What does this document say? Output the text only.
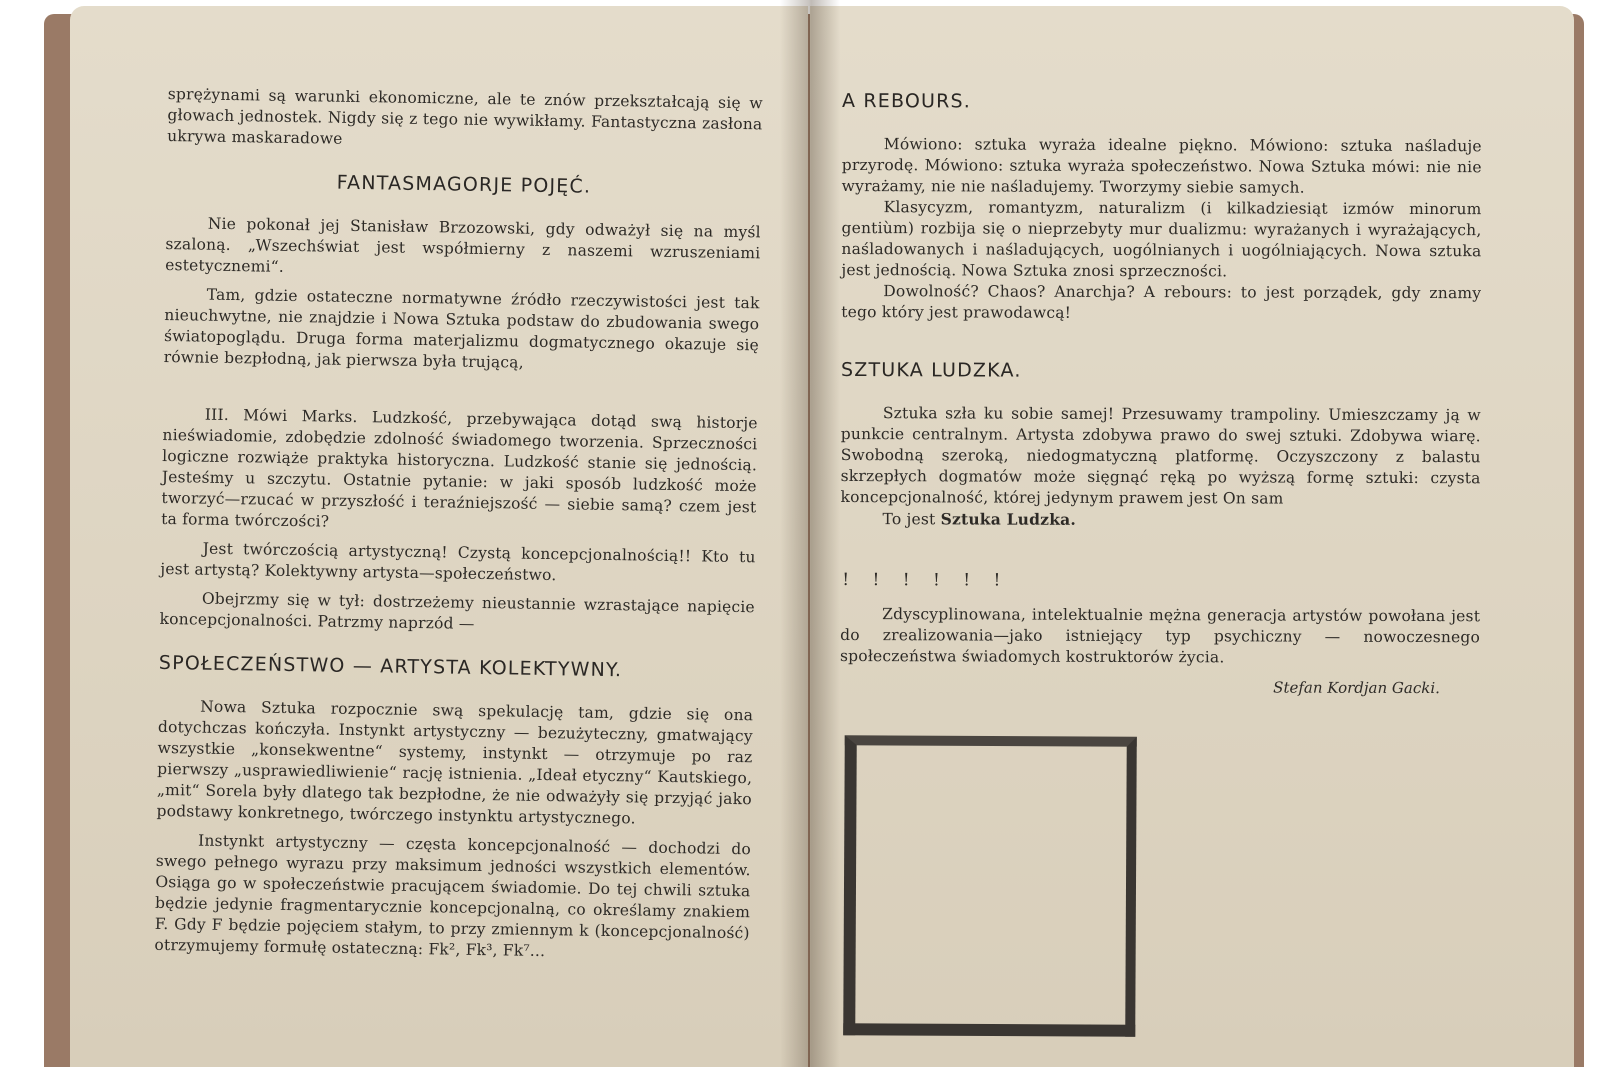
sprężynami są warunki ekonomiczne, ale te znów przekształcają się w głowach jednostek. Nigdy się z tego nie wywikłamy. Fantastyczna zasłona ukrywa maskaradowe

FANTASMAGORJE POJĘĆ.

Nie pokonał jej Stanisław Brzozowski, gdy odważył się na myśl szaloną. „Wszechświat jest współmierny z naszemi wzruszeniami estetycznemi“.

Tam, gdzie ostateczne normatywne źródło rzeczywistości jest tak nieuchwytne, nie znajdzie i Nowa Sztuka podstaw do zbudowania swego światopoglądu. Druga forma materjalizmu dogmatycznego okazuje się równie bezpłodną, jak pierwsza była trującą,

III. Mówi Marks. Ludzkość, przebywająca dotąd swą historje nieświadomie, zdobędzie zdolność świadomego tworzenia. Sprzeczności logiczne rozwiąże praktyka historyczna. Ludzkość stanie się jednością. Jesteśmy u szczytu. Ostatnie pytanie: w jaki sposób ludzkość może tworzyć—rzucać w przyszłość i teraźniejszość — siebie samą? czem jest ta forma twórczości?

Jest twórczością artystyczną! Czystą koncepcjonalnością!! Kto tu jest artystą? Kolektywny artysta—społeczeństwo.

Obejrzmy się w tył: dostrzeżemy nieustannie wzrastające napięcie koncepcjonalności. Patrzmy naprzód —

SPOŁECZEŃSTWO — ARTYSTA KOLEKTYWNY.

Nowa Sztuka rozpocznie swą spekulację tam, gdzie się ona dotychczas kończyła. Instynkt artystyczny — bezużyteczny, gmatwający wszystkie „konsekwentne“ systemy, instynkt — otrzymuje po raz pierwszy „usprawiedliwienie“ rację istnienia. „Ideał etyczny“ Kautskiego, „mit“ Sorela były dlatego tak bezpłodne, że nie odważyły się przyjąć jako podstawy konkretnego, twórczego instynktu artystycznego.

Instynkt artystyczny — częsta koncepcjonalność — dochodzi do swego pełnego wyrazu przy maksimum jedności wszystkich elementów. Osiąga go w społeczeństwie pracującem świadomie. Do tej chwili sztuka będzie jedynie fragmentarycznie koncepcjonalną, co określamy znakiem F. Gdy F będzie pojęciem stałym, to przy zmiennym k (koncepcjonalność) otrzymujemy formułę ostateczną: Fk², Fk³, Fk⁷...

A REBOURS.

Mówiono: sztuka wyraża idealne piękno. Mówiono: sztuka naśladuje przyrodę. Mówiono: sztuka wyraża społeczeństwo. Nowa Sztuka mówi: nie nie wyrażamy, nie nie naśladujemy. Tworzymy siebie samych.

Klasycyzm, romantyzm, naturalizm (i kilkadziesiąt izmów minorum gentiùm) rozbija się o nieprzebyty mur dualizmu: wyrażanych i wyrażających, naśladowanych i naśladujących, uogólnianych i uogólniających. Nowa sztuka jest jednością. Nowa Sztuka znosi sprzeczności.

Dowolność? Chaos? Anarchja? A rebours: to jest porządek, gdy znamy tego który jest prawodawcą!

SZTUKA LUDZKA.

Sztuka szła ku sobie samej! Przesuwamy trampoliny. Umieszczamy ją w punkcie centralnym. Artysta zdobywa prawo do swej sztuki. Zdobywa wiarę. Swobodną szeroką, niedogmatyczną platformę. Oczyszczony z balastu skrzepłych dogmatów może sięgnąć ręką po wyższą formę sztuki: czysta koncepcjonalność, której jedynym prawem jest On sam

To jest Sztuka Ludzka.

! ! ! ! ! !

Zdyscyplinowana, intelektualnie mężna generacja artystów powołana jest do zrealizowania—jako istniejący typ psychiczny — nowoczesnego społeczeństwa świadomych kostruktorów życia.

Stefan Kordjan Gacki.
